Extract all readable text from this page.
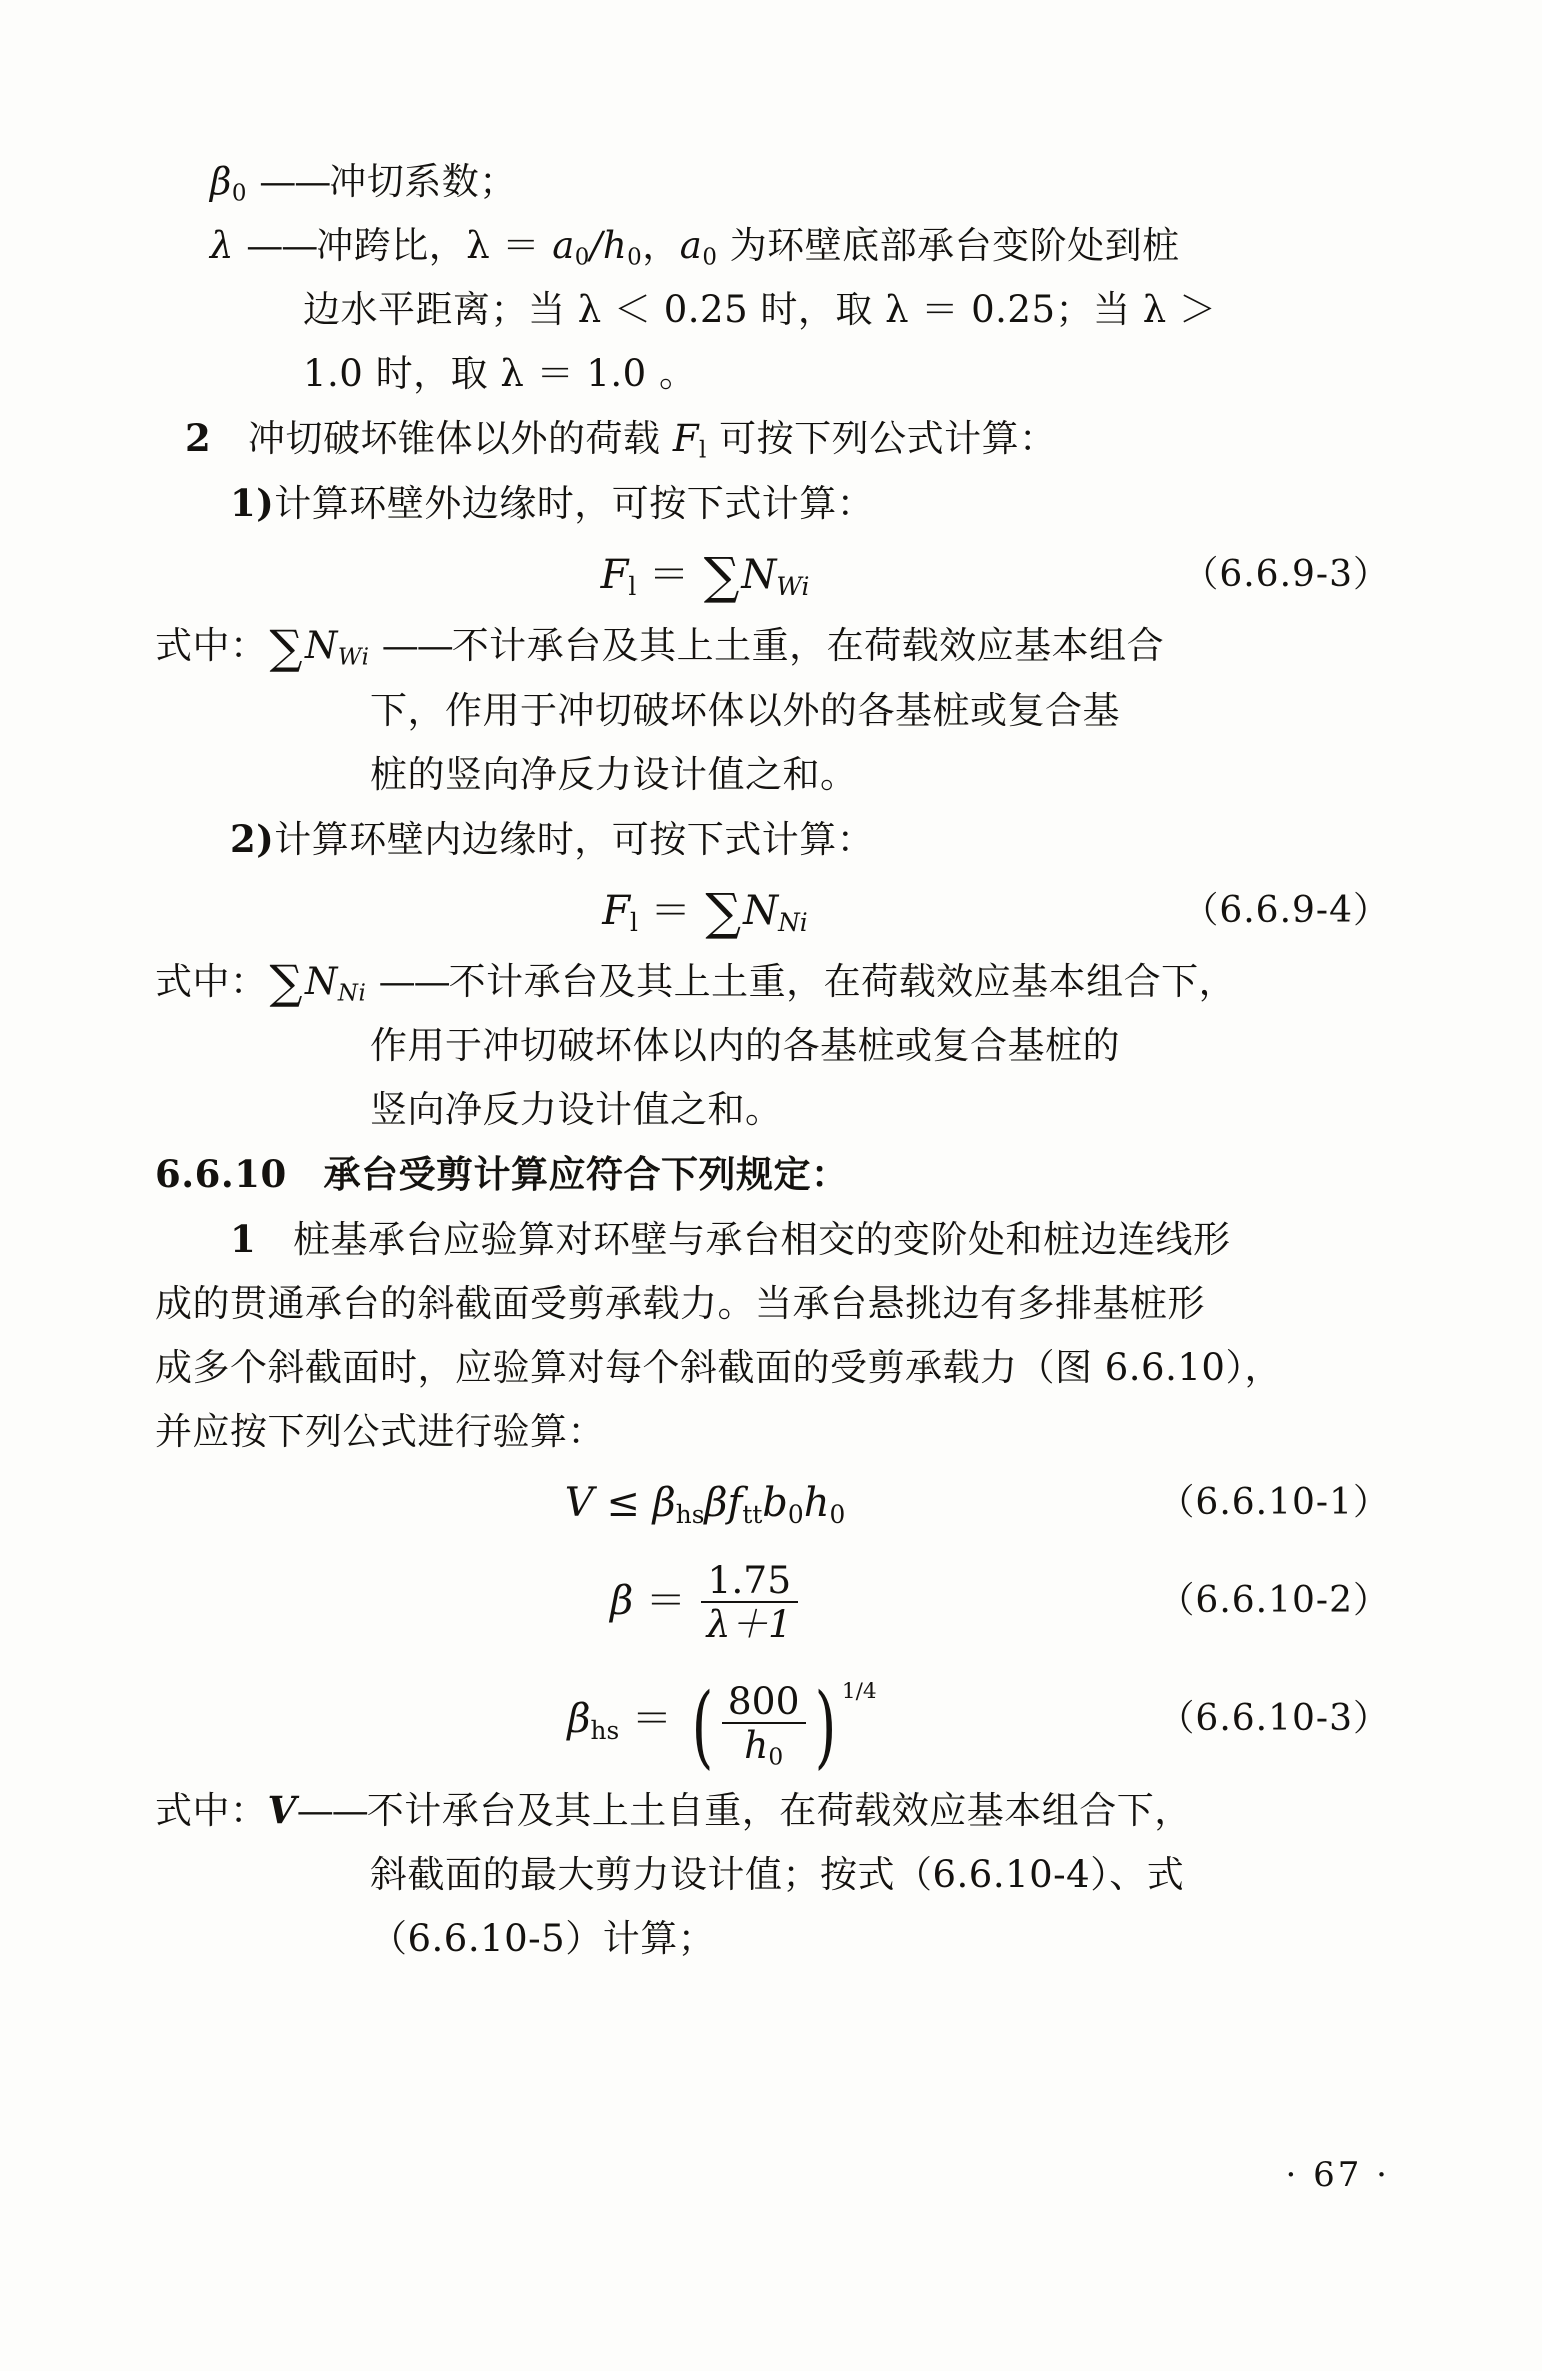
$\beta_0$ ——冲切系数；
λ ——冲跨比，$\lambda = a_0/h_0$，$a_0$ 为环壁底部承台变阶处到桩
边水平距离；当 λ ＜ 0.25 时，取 λ ＝ 0.25；当 λ ＞
1.0 时，取 λ ＝ 1.0 。
2 冲切破坏锥体以外的荷载 $F_l$ 可按下列公式计算：
1)计算环壁外边缘时，可按下式计算：
$F_l = \sum N_{Wi}$	（6.6.9-3）
式中：$\sum N_{Wi}$ ——不计承台及其上土重，在荷载效应基本组合
下，作用于冲切破坏体以外的各基桩或复合基
桩的竖向净反力设计值之和。
2)计算环壁内边缘时，可按下式计算：
$F_l = \sum N_{Ni}$	（6.6.9-4）
式中：$\sum N_{Ni}$ ——不计承台及其上土重，在荷载效应基本组合下，
作用于冲切破坏体以内的各基桩或复合基桩的
竖向净反力设计值之和。
6.6.10 承台受剪计算应符合下列规定：
1 桩基承台应验算对环壁与承台相交的变阶处和桩边连线形
成的贯通承台的斜截面受剪承载力。当承台悬挑边有多排基桩形
成多个斜截面时，应验算对每个斜截面的受剪承载力（图 6.6.10），
并应按下列公式进行验算：
$V \le \beta_{hs}\beta f_{tt}b_0h_0$	（6.6.10-1）
$\beta = \frac{1.75}{\lambda+1}$	（6.6.10-2）
$\beta_{hs}$ ＝ ( $\frac{800}{h_0}$ ) 1/4
（6.6.10-3）
式中：V——不计承台及其上土自重，在荷载效应基本组合下，
斜截面的最大剪力设计值；按式（6.6.10-4）、式
（6.6.10-5）计算；
· 67 ·
